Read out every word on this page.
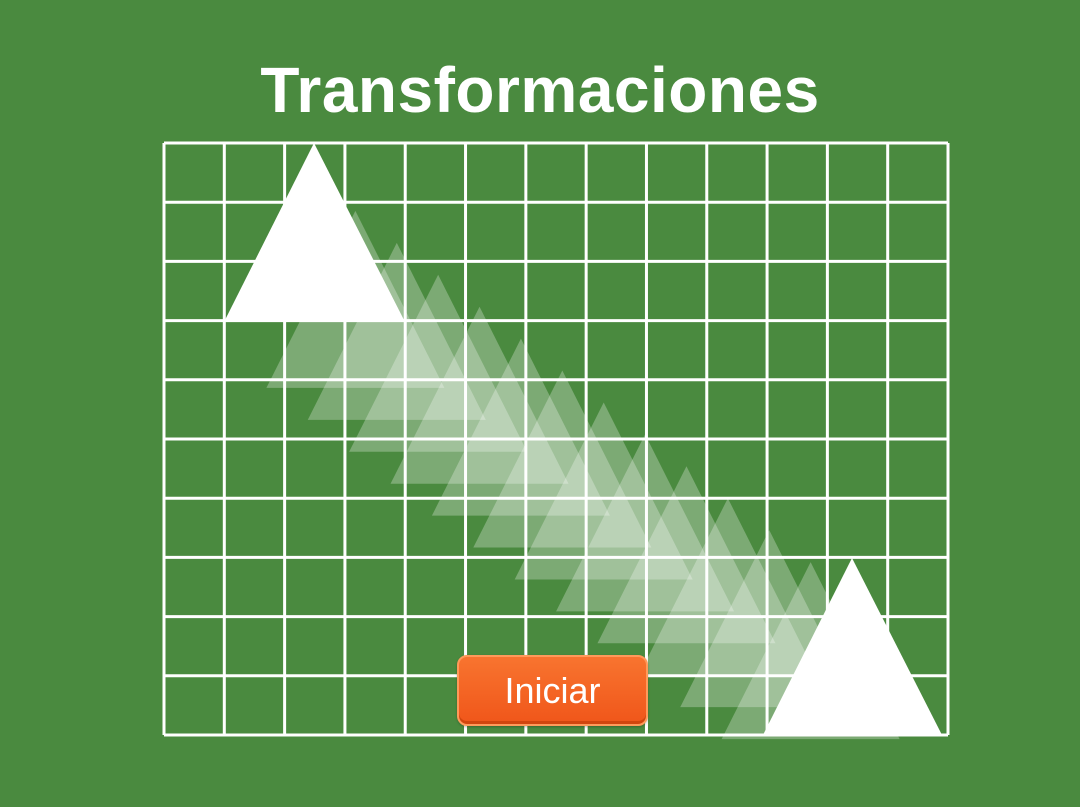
Transformaciones
Iniciar
